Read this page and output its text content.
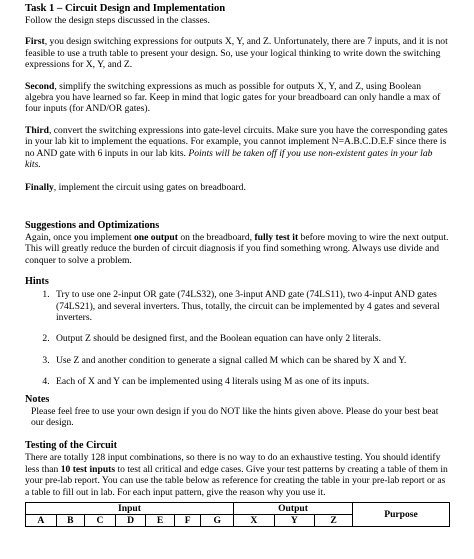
Task 1 – Circuit Design and Implementation

Follow the design steps discussed in the classes.

First, you design switching expressions for outputs X, Y, and Z. Unfortunately, there are 7 inputs, and it is not feasible to use a truth table to present your design. So, use your logical thinking to write down the switching expressions for X, Y, and Z.

Second, simplify the switching expressions as much as possible for outputs X, Y, and Z, using Boolean algebra you have learned so far. Keep in mind that logic gates for your breadboard can only handle a max of four inputs (for AND/OR gates).

Third, convert the switching expressions into gate-level circuits. Make sure you have the corresponding gates in your lab kit to implement the equations. For example, you cannot implement N=A.B.C.D.E.F since there is no AND gate with 6 inputs in our lab kits. Points will be taken off if you use non-existent gates in your lab kits.

Finally, implement the circuit using gates on breadboard.

Suggestions and Optimizations

Again, once you implement one output on the breadboard, fully test it before moving to wire the next output. This will greatly reduce the burden of circuit diagnosis if you find something wrong. Always use divide and conquer to solve a problem.

Hints
1. Try to use one 2-input OR gate (74LS32), one 3-input AND gate (74LS11), two 4-input AND gates (74LS21), and several inverters. Thus, totally, the circuit can be implemented by 4 gates and several inverters.
2. Output Z should be designed first, and the Boolean equation can have only 2 literals.
3. Use Z and another condition to generate a signal called M which can be shared by X and Y.
4. Each of X and Y can be implemented using 4 literals using M as one of its inputs.
Notes

Please feel free to use your own design if you do NOT like the hints given above. Please do your best beat our design.

Testing of the Circuit

There are totally 128 input combinations, so there is no way to do an exhaustive testing. You should identify less than 10 test inputs to test all critical and edge cases. Give your test patterns by creating a table of them in your pre-lab report. You can use the table below as reference for creating the table in your pre-lab report or as a table to fill out in lab. For each input pattern, give the reason why you use it.

Input							Output			Purpose
A	B	C	D	E	F	G	X	Y	Z	
